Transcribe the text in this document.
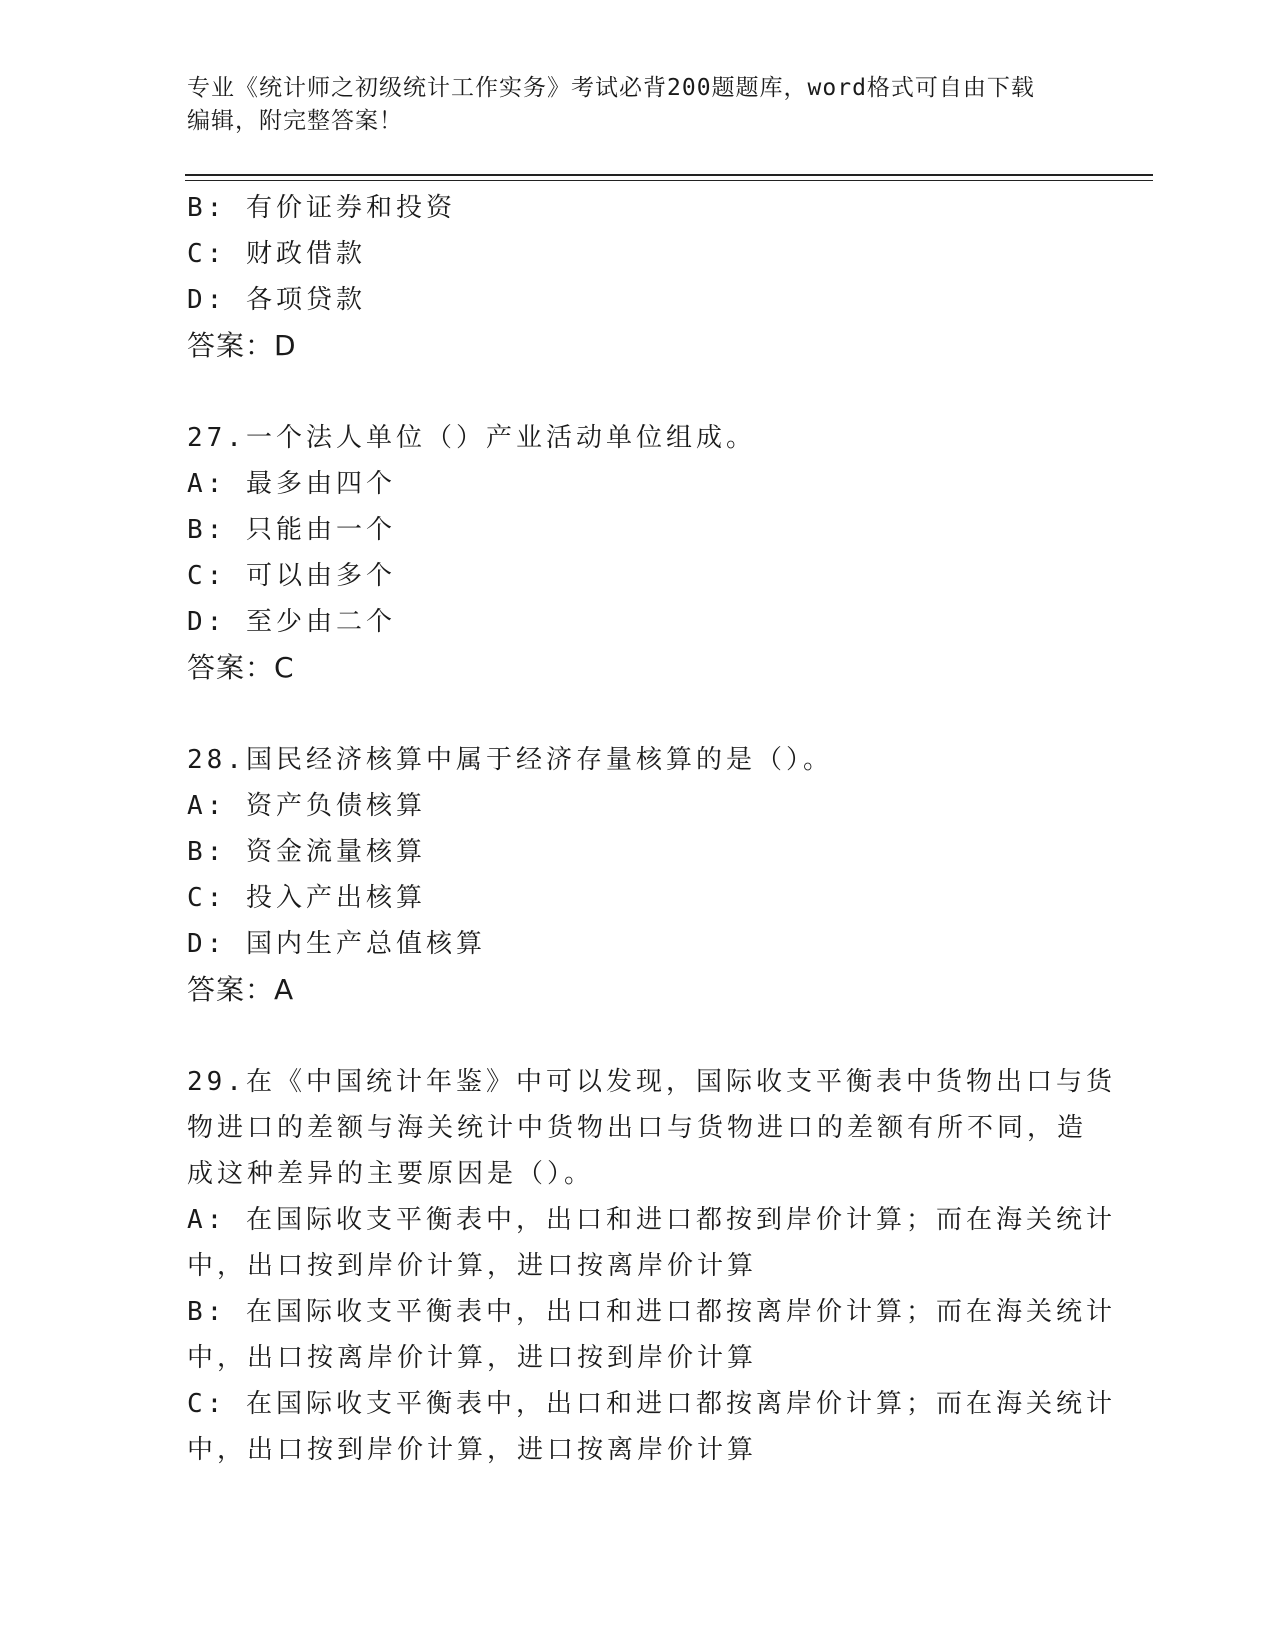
专业《统计师之初级统计工作实务》考试必背200题题库，word格式可自由下载
编辑，附完整答案！
B: 有价证券和投资
C: 财政借款
D: 各项贷款
答案：D
27.一个法人单位（）产业活动单位组成。
A: 最多由四个
B: 只能由一个
C: 可以由多个
D: 至少由二个
答案：C
28.国民经济核算中属于经济存量核算的是（）。
A: 资产负债核算
B: 资金流量核算
C: 投入产出核算
D: 国内生产总值核算
答案：A
29.在《中国统计年鉴》中可以发现，国际收支平衡表中货物出口与货
物进口的差额与海关统计中货物出口与货物进口的差额有所不同，造
成这种差异的主要原因是（）。
A: 在国际收支平衡表中，出口和进口都按到岸价计算；而在海关统计
中，出口按到岸价计算，进口按离岸价计算
B: 在国际收支平衡表中，出口和进口都按离岸价计算；而在海关统计
中，出口按离岸价计算，进口按到岸价计算
C: 在国际收支平衡表中，出口和进口都按离岸价计算；而在海关统计
中，出口按到岸价计算，进口按离岸价计算
